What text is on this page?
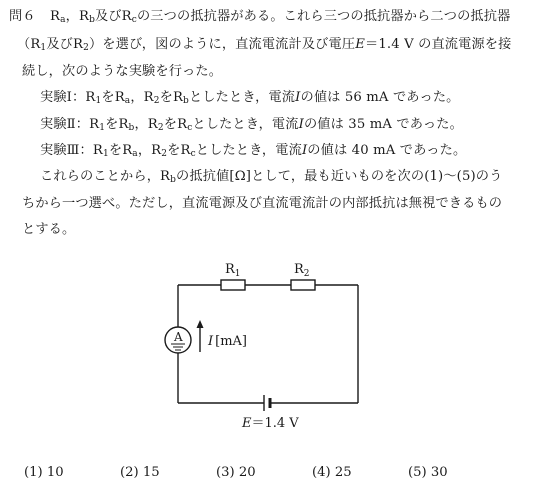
問６ $R_a$，$R_b$及び$R_c$の三つの抵抗器がある。これら三つの抵抗器から二つの抵抗器
（$R_1$及び$R_2$）を選び，図のように，直流電流計及び電圧E＝1.4 V の直流電源を接
続し，次のような実験を行った。
実験Ⅰ：$R_1$を$R_a$，$R_2$を$R_b$としたとき，電流Iの値は 56 mA であった。
実験Ⅱ：$R_1$を$R_b$，$R_2$を$R_c$としたとき，電流Iの値は 35 mA であった。
実験Ⅲ：$R_1$を$R_a$，$R_2$を$R_c$としたとき，電流Iの値は 40 mA であった。
これらのことから，$R_b$の抵抗値[Ω]として，最も近いものを次の(1)～(5)のう
ちから一つ選べ。ただし，直流電源及び直流電流計の内部抵抗は無視できるもの
とする。
$R_1$	$R_2$
A I [mA]
E＝1.4 V
(1) 10	(2) 15	(3) 20	(4) 25	(5) 30
